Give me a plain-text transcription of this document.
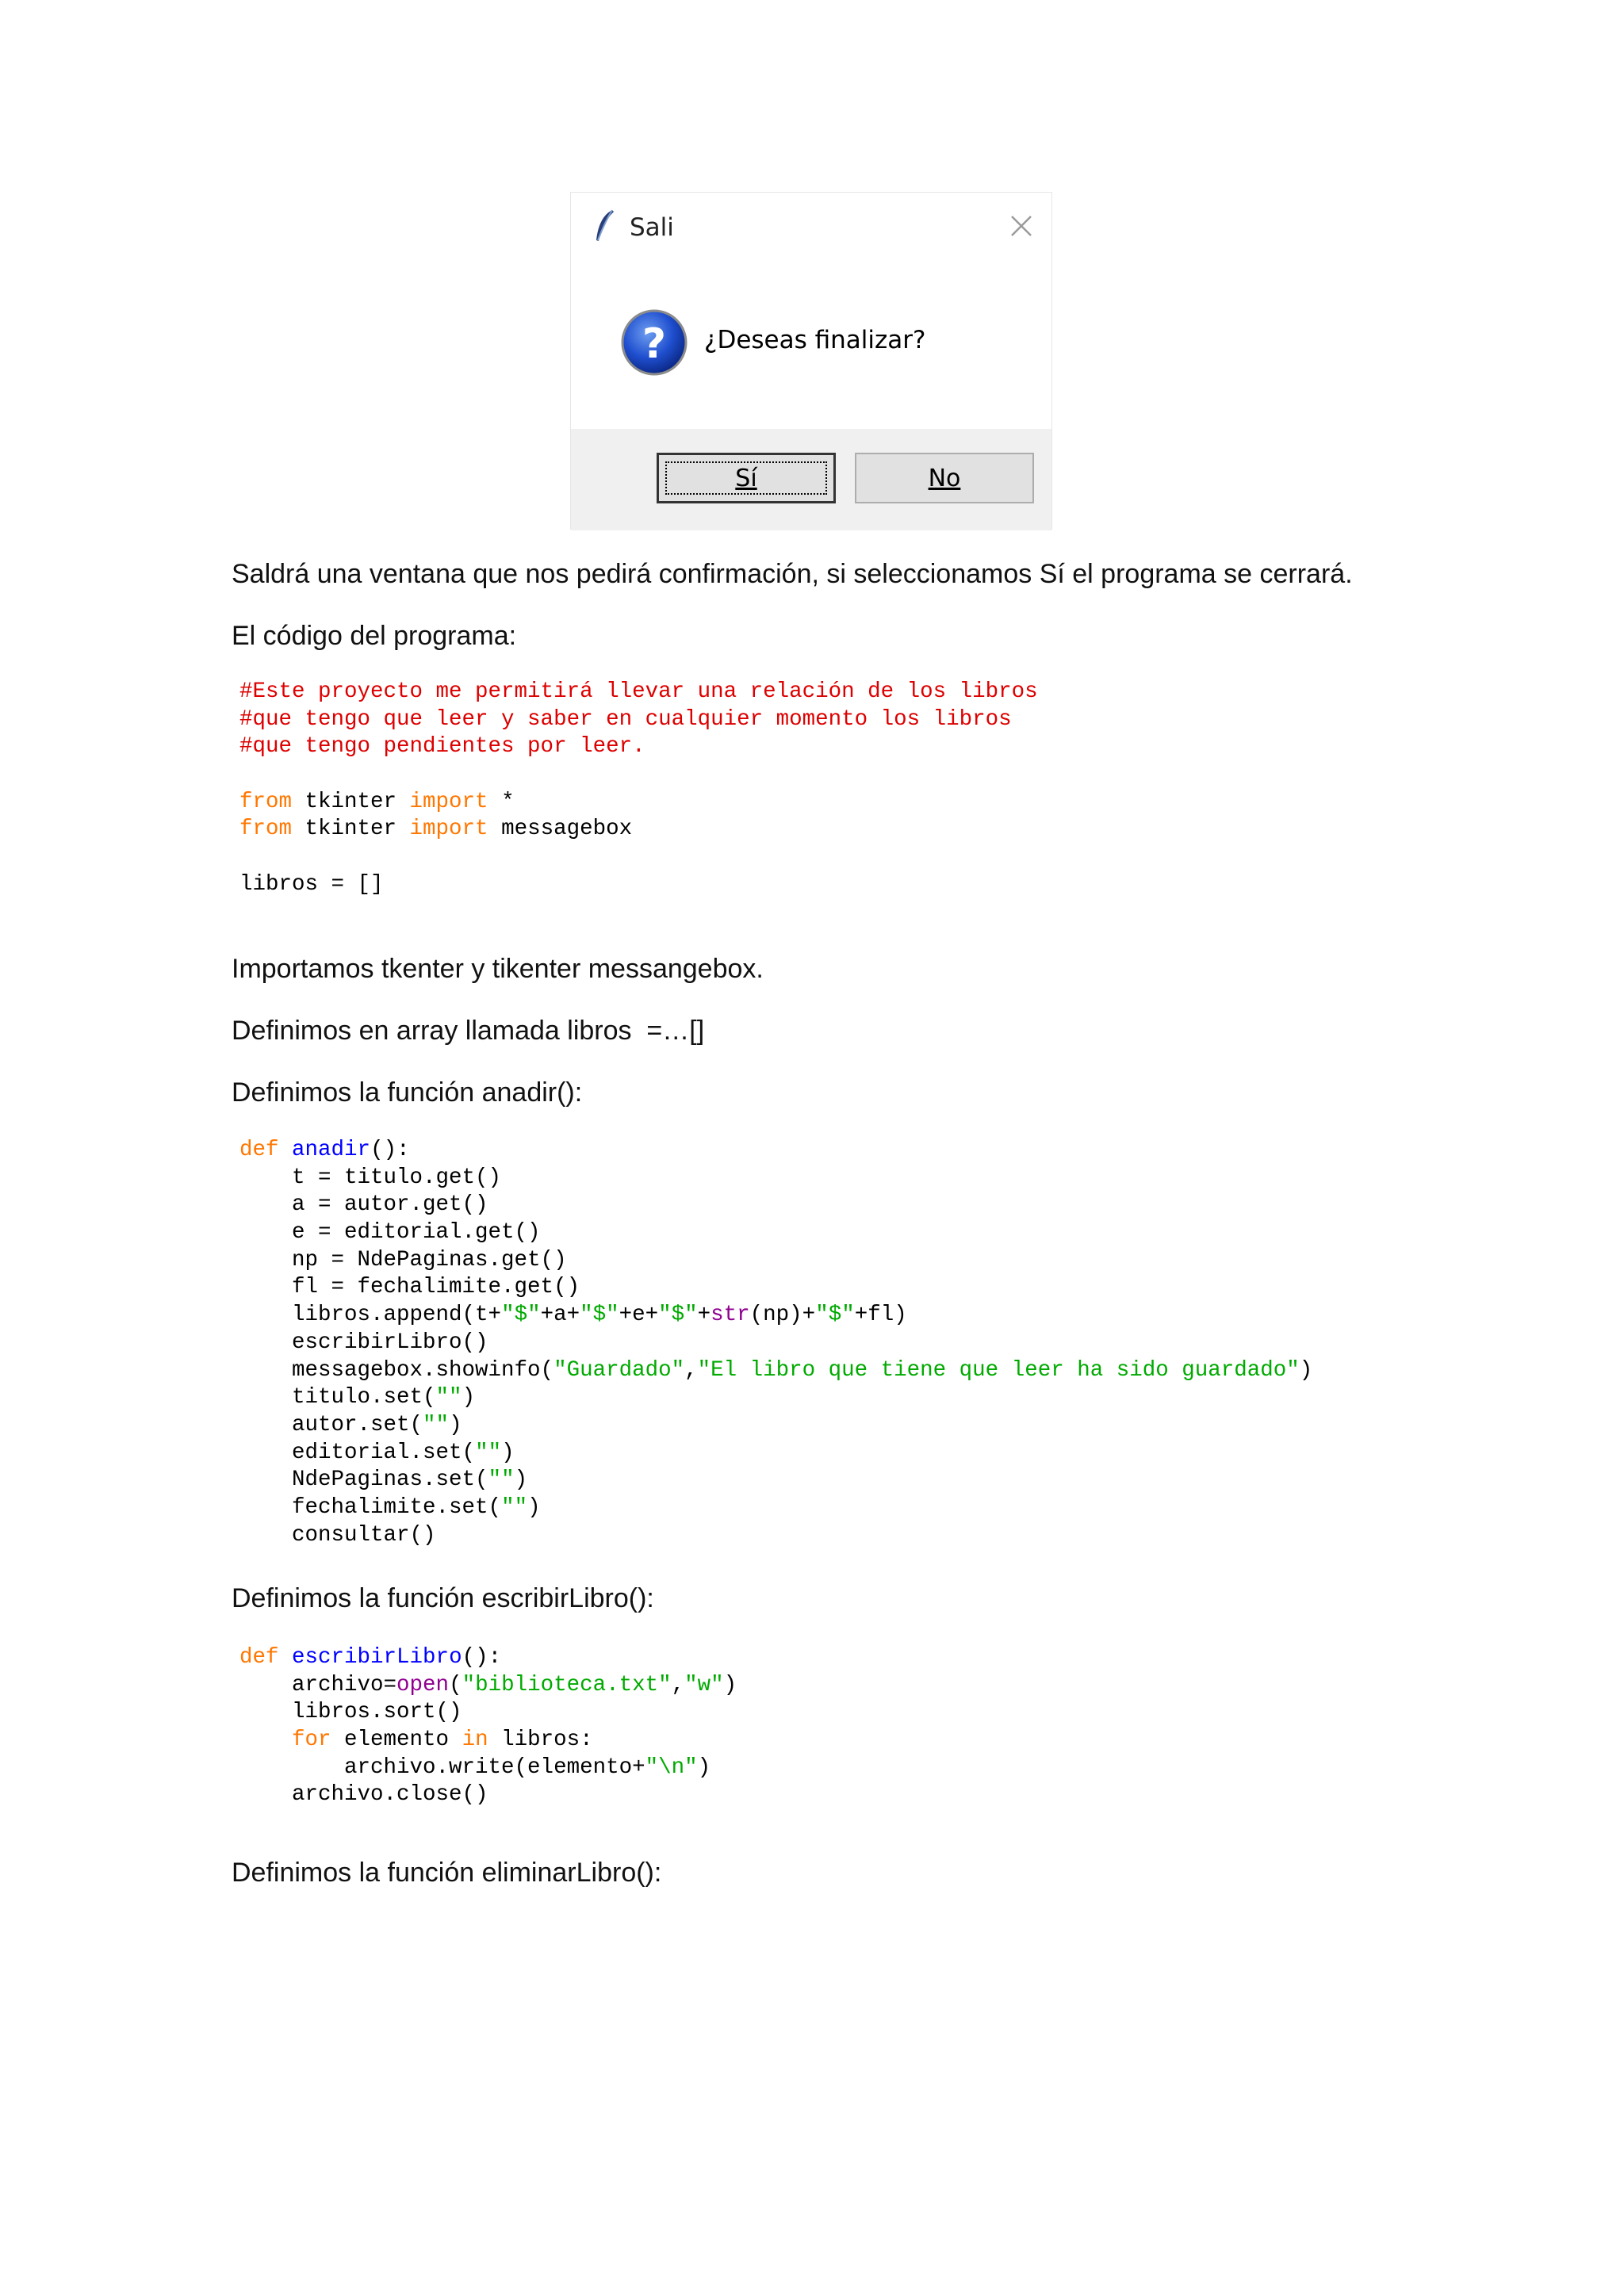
Sali
? ¿Deseas finalizar?
Sí	No
Saldrá una ventana que nos pedirá confirmación, si seleccionamos Sí el programa se cerrará.
El código del programa:
#Este proyecto me permitirá llevar una relación de los libros
#que tengo que leer y saber en cualquier momento los libros
#que tengo pendientes por leer.
from tkinter import *
from tkinter import messagebox
libros = []
Importamos tkenter y tikenter messangebox.
Definimos en array llamada libros  =…[]
Definimos la función anadir():
def anadir():
t = titulo.get()
a = autor.get()
e = editorial.get()
np = NdePaginas.get()
fl = fechalimite.get()
libros.append(t+"$"+a+"$"+e+"$"+str(np)+"$"+fl)
escribirLibro()
messagebox.showinfo("Guardado","El libro que tiene que leer ha sido guardado")
titulo.set("")
autor.set("")
editorial.set("")
NdePaginas.set("")
fechalimite.set("")
consultar()
Definimos la función escribirLibro():
def escribirLibro():
archivo=open("biblioteca.txt","w")
libros.sort()
for elemento in libros:
archivo.write(elemento+"\n")
archivo.close()
Definimos la función eliminarLibro():
